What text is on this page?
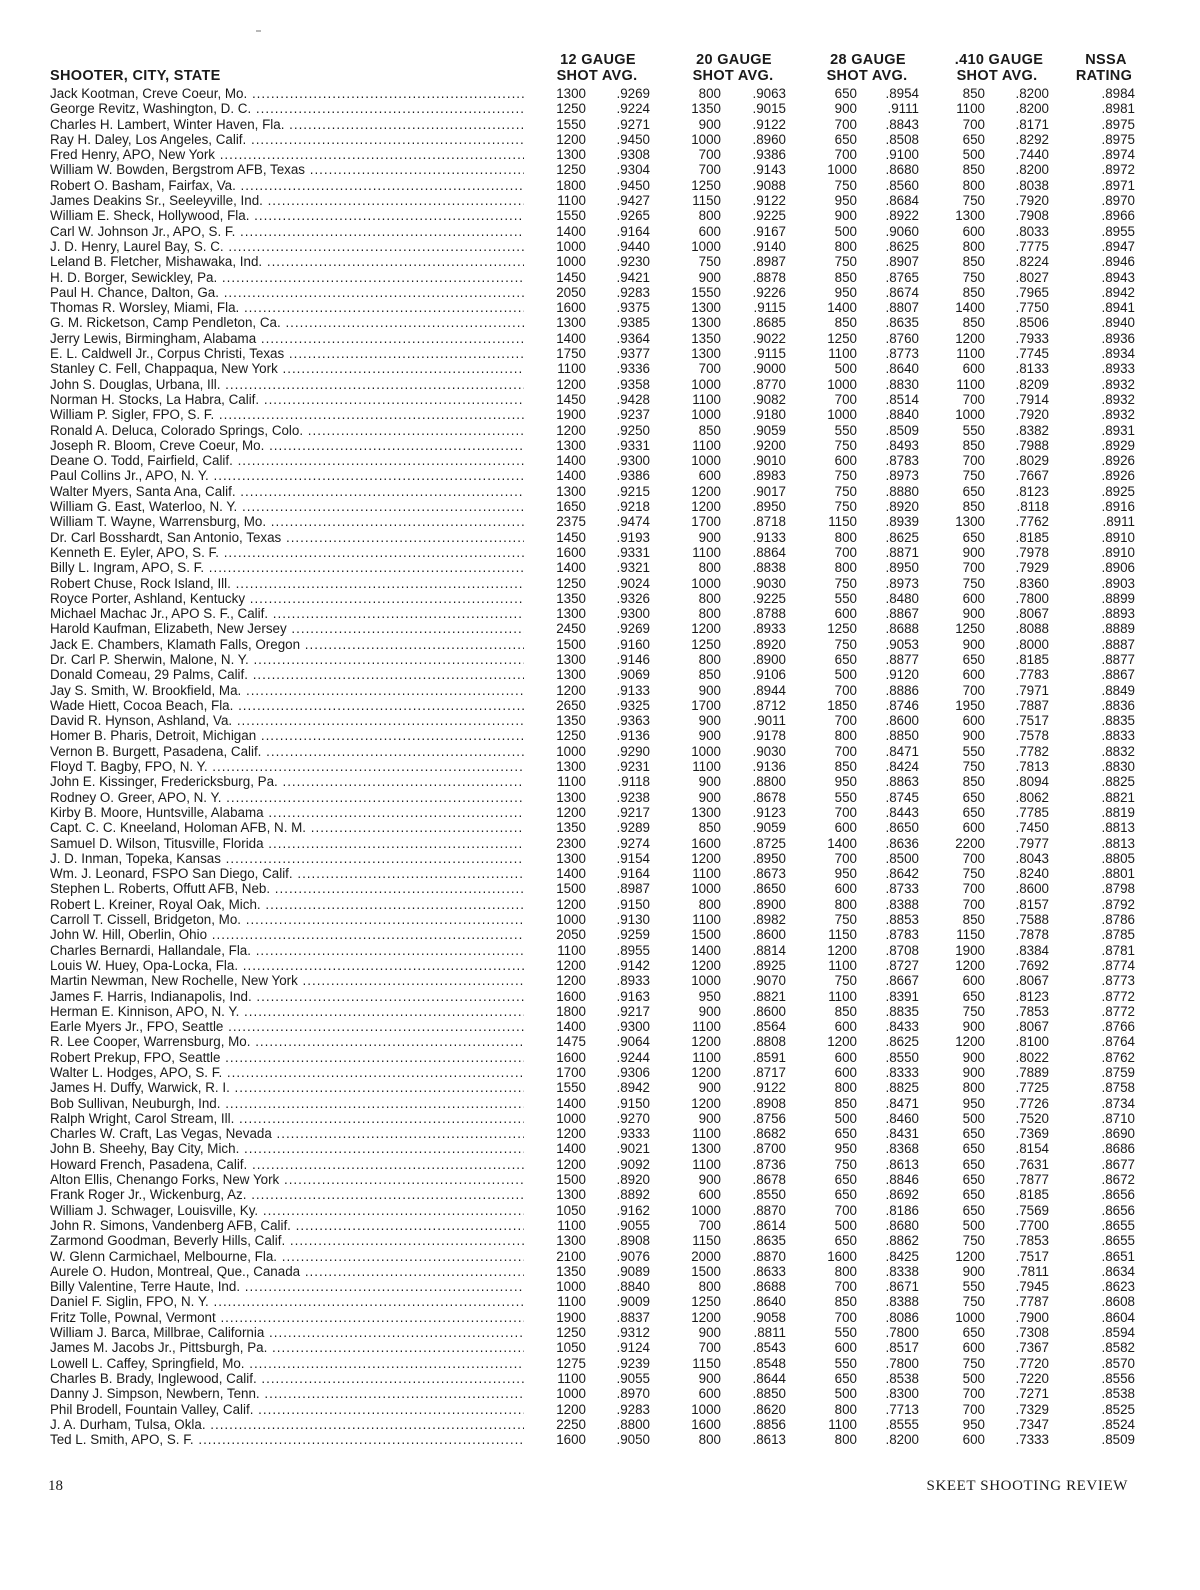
12 GAUGE	20 GAUGE	28 GAUGE	.410 GAUGE	NSSA
SHOOTER, CITY, STATE	SHOT AVG.	SHOT AVG.	SHOT AVG.	SHOT AVG.	RATING
Jack Kootman, Creve Coeur, Mo. .....	1300	.9269	800	.9063	650	.8954	850	.8200	.8984
George Revitz, Washington, D. C. .....	1250	.9224	1350	.9015	900	.9111	1100	.8200	.8981
Charles H. Lambert, Winter Haven, Fla. .....	1550	.9271	900	.9122	700	.8843	700	.8171	.8975
Ray H. Daley, Los Angeles, Calif. .....	1200	.9450	1000	.8960	650	.8508	650	.8292	.8975
Fred Henry, APO, New York .....	1300	.9308	700	.9386	700	.9100	500	.7440	.8974
William W. Bowden, Bergstrom AFB, Texas .....	1250	.9304	700	.9143	1000	.8680	850	.8200	.8972
Robert O. Basham, Fairfax, Va. .....	1800	.9450	1250	.9088	750	.8560	800	.8038	.8971
James Deakins Sr., Seeleyville, Ind. .....	1100	.9427	1150	.9122	950	.8684	750	.7920	.8970
William E. Sheck, Hollywood, Fla. .....	1550	.9265	800	.9225	900	.8922	1300	.7908	.8966
Carl W. Johnson Jr., APO, S. F. .....	1400	.9164	600	.9167	500	.9060	600	.8033	.8955
J. D. Henry, Laurel Bay, S. C. .....	1000	.9440	1000	.9140	800	.8625	800	.7775	.8947
Leland B. Fletcher, Mishawaka, Ind. .....	1000	.9230	750	.8987	750	.8907	850	.8224	.8946
H. D. Borger, Sewickley, Pa. .....	1450	.9421	900	.8878	850	.8765	750	.8027	.8943
Paul H. Chance, Dalton, Ga. .....	2050	.9283	1550	.9226	950	.8674	850	.7965	.8942
Thomas R. Worsley, Miami, Fla. .....	1600	.9375	1300	.9115	1400	.8807	1400	.7750	.8941
G. M. Ricketson, Camp Pendleton, Ca. .....	1300	.9385	1300	.8685	850	.8635	850	.8506	.8940
Jerry Lewis, Birmingham, Alabama .....	1400	.9364	1350	.9022	1250	.8760	1200	.7933	.8936
E. L. Caldwell Jr., Corpus Christi, Texas .....	1750	.9377	1300	.9115	1100	.8773	1100	.7745	.8934
Stanley C. Fell, Chappaqua, New York .....	1100	.9336	700	.9000	500	.8640	600	.8133	.8933
John S. Douglas, Urbana, Ill. .....	1200	.9358	1000	.8770	1000	.8830	1100	.8209	.8932
Norman H. Stocks, La Habra, Calif. .....	1450	.9428	1100	.9082	700	.8514	700	.7914	.8932
William P. Sigler, FPO, S. F. .....	1900	.9237	1000	.9180	1000	.8840	1000	.7920	.8932
Ronald A. Deluca, Colorado Springs, Colo. .....	1200	.9250	850	.9059	550	.8509	550	.8382	.8931
Joseph R. Bloom, Creve Coeur, Mo. .....	1300	.9331	1100	.9200	750	.8493	850	.7988	.8929
Deane O. Todd, Fairfield, Calif. .....	1400	.9300	1000	.9010	600	.8783	700	.8029	.8926
Paul Collins Jr., APO, N. Y. .....	1400	.9386	600	.8983	750	.8973	750	.7667	.8926
Walter Myers, Santa Ana, Calif. .....	1300	.9215	1200	.9017	750	.8880	650	.8123	.8925
William G. East, Waterloo, N. Y. .....	1650	.9218	1200	.8950	750	.8920	850	.8118	.8916
William T. Wayne, Warrensburg, Mo. .....	2375	.9474	1700	.8718	1150	.8939	1300	.7762	.8911
Dr. Carl Bosshardt, San Antonio, Texas .....	1450	.9193	900	.9133	800	.8625	650	.8185	.8910
Kenneth E. Eyler, APO, S. F. .....	1600	.9331	1100	.8864	700	.8871	900	.7978	.8910
Billy L. Ingram, APO, S. F. .....	1400	.9321	800	.8838	800	.8950	700	.7929	.8906
Robert Chuse, Rock Island, Ill. .....	1250	.9024	1000	.9030	750	.8973	750	.8360	.8903
Royce Porter, Ashland, Kentucky .....	1350	.9326	800	.9225	550	.8480	600	.7800	.8899
Michael Machac Jr., APO S. F., Calif. .....	1300	.9300	800	.8788	600	.8867	900	.8067	.8893
Harold Kaufman, Elizabeth, New Jersey .....	2450	.9269	1200	.8933	1250	.8688	1250	.8088	.8889
Jack E. Chambers, Klamath Falls, Oregon .....	1500	.9160	1250	.8920	750	.9053	900	.8000	.8887
Dr. Carl P. Sherwin, Malone, N. Y. .....	1300	.9146	800	.8900	650	.8877	650	.8185	.8877
Donald Comeau, 29 Palms, Calif. .....	1300	.9069	850	.9106	500	.9120	600	.7783	.8867
Jay S. Smith, W. Brookfield, Ma. .....	1200	.9133	900	.8944	700	.8886	700	.7971	.8849
Wade Hiett, Cocoa Beach, Fla. .....	2650	.9325	1700	.8712	1850	.8746	1950	.7887	.8836
David R. Hynson, Ashland, Va. .....	1350	.9363	900	.9011	700	.8600	600	.7517	.8835
Homer B. Pharis, Detroit, Michigan .....	1250	.9136	900	.9178	800	.8850	900	.7578	.8833
Vernon B. Burgett, Pasadena, Calif. .....	1000	.9290	1000	.9030	700	.8471	550	.7782	.8832
Floyd T. Bagby, FPO, N. Y. .....	1300	.9231	1100	.9136	850	.8424	750	.7813	.8830
John E. Kissinger, Fredericksburg, Pa. .....	1100	.9118	900	.8800	950	.8863	850	.8094	.8825
Rodney O. Greer, APO, N. Y. .....	1300	.9238	900	.8678	550	.8745	650	.8062	.8821
Kirby B. Moore, Huntsville, Alabama .....	1200	.9217	1300	.9123	700	.8443	650	.7785	.8819
Capt. C. C. Kneeland, Holoman AFB, N. M. .....	1350	.9289	850	.9059	600	.8650	600	.7450	.8813
Samuel D. Wilson, Titusville, Florida .....	2300	.9274	1600	.8725	1400	.8636	2200	.7977	.8813
J. D. Inman, Topeka, Kansas .....	1300	.9154	1200	.8950	700	.8500	700	.8043	.8805
Wm. J. Leonard, FSPO San Diego, Calif. .....	1400	.9164	1100	.8673	950	.8642	750	.8240	.8801
Stephen L. Roberts, Offutt AFB, Neb. .....	1500	.8987	1000	.8650	600	.8733	700	.8600	.8798
Robert L. Kreiner, Royal Oak, Mich. .....	1200	.9150	800	.8900	800	.8388	700	.8157	.8792
Carroll T. Cissell, Bridgeton, Mo. .....	1000	.9130	1100	.8982	750	.8853	850	.7588	.8786
John W. Hill, Oberlin, Ohio .....	2050	.9259	1500	.8600	1150	.8783	1150	.7878	.8785
Charles Bernardi, Hallandale, Fla. .....	1100	.8955	1400	.8814	1200	.8708	1900	.8384	.8781
Louis W. Huey, Opa-Locka, Fla. .....	1200	.9142	1200	.8925	1100	.8727	1200	.7692	.8774
Martin Newman, New Rochelle, New York .....	1200	.8933	1000	.9070	750	.8667	600	.8067	.8773
James F. Harris, Indianapolis, Ind. .....	1600	.9163	950	.8821	1100	.8391	650	.8123	.8772
Herman E. Kinnison, APO, N. Y. .....	1800	.9217	900	.8600	850	.8835	750	.7853	.8772
Earle Myers Jr., FPO, Seattle .....	1400	.9300	1100	.8564	600	.8433	900	.8067	.8766
R. Lee Cooper, Warrensburg, Mo. .....	1475	.9064	1200	.8808	1200	.8625	1200	.8100	.8764
Robert Prekup, FPO, Seattle .....	1600	.9244	1100	.8591	600	.8550	900	.8022	.8762
Walter L. Hodges, APO, S. F. .....	1700	.9306	1200	.8717	600	.8333	900	.7889	.8759
James H. Duffy, Warwick, R. I. .....	1550	.8942	900	.9122	800	.8825	800	.7725	.8758
Bob Sullivan, Neuburgh, Ind. .....	1400	.9150	1200	.8908	850	.8471	950	.7726	.8734
Ralph Wright, Carol Stream, Ill. .....	1000	.9270	900	.8756	500	.8460	500	.7520	.8710
Charles W. Craft, Las Vegas, Nevada .....	1200	.9333	1100	.8682	650	.8431	650	.7369	.8690
John B. Sheehy, Bay City, Mich. .....	1400	.9021	1300	.8700	950	.8368	650	.8154	.8686
Howard French, Pasadena, Calif. .....	1200	.9092	1100	.8736	750	.8613	650	.7631	.8677
Alton Ellis, Chenango Forks, New York .....	1500	.8920	900	.8678	650	.8846	650	.7877	.8672
Frank Roger Jr., Wickenburg, Az. .....	1300	.8892	600	.8550	650	.8692	650	.8185	.8656
William J. Schwager, Louisville, Ky. .....	1050	.9162	1000	.8870	700	.8186	650	.7569	.8656
John R. Simons, Vandenberg AFB, Calif. .....	1100	.9055	700	.8614	500	.8680	500	.7700	.8655
Zarmond Goodman, Beverly Hills, Calif. .....	1300	.8908	1150	.8635	650	.8862	750	.7853	.8655
W. Glenn Carmichael, Melbourne, Fla. .....	2100	.9076	2000	.8870	1600	.8425	1200	.7517	.8651
Aurele O. Hudon, Montreal, Que., Canada .....	1350	.9089	1500	.8633	800	.8338	900	.7811	.8634
Billy Valentine, Terre Haute, Ind. .....	1000	.8840	800	.8688	700	.8671	550	.7945	.8623
Daniel F. Siglin, FPO, N. Y. .....	1100	.9009	1250	.8640	850	.8388	750	.7787	.8608
Fritz Tolle, Pownal, Vermont .....	1900	.8837	1200	.9058	700	.8086	1000	.7900	.8604
William J. Barca, Millbrae, California .....	1250	.9312	900	.8811	550	.7800	650	.7308	.8594
James M. Jacobs Jr., Pittsburgh, Pa. .....	1050	.9124	700	.8543	600	.8517	600	.7367	.8582
Lowell L. Caffey, Springfield, Mo. .....	1275	.9239	1150	.8548	550	.7800	750	.7720	.8570
Charles B. Brady, Inglewood, Calif. .....	1100	.9055	900	.8644	650	.8538	500	.7220	.8556
Danny J. Simpson, Newbern, Tenn. .....	1000	.8970	600	.8850	500	.8300	700	.7271	.8538
Phil Brodell, Fountain Valley, Calif. .....	1200	.9283	1000	.8620	800	.7713	700	.7329	.8525
J. A. Durham, Tulsa, Okla. .....	2250	.8800	1600	.8856	1100	.8555	950	.7347	.8524
Ted L. Smith, APO, S. F. .....	1600	.9050	800	.8613	800	.8200	600	.7333	.8509
18	SKEET SHOOTING REVIEW
